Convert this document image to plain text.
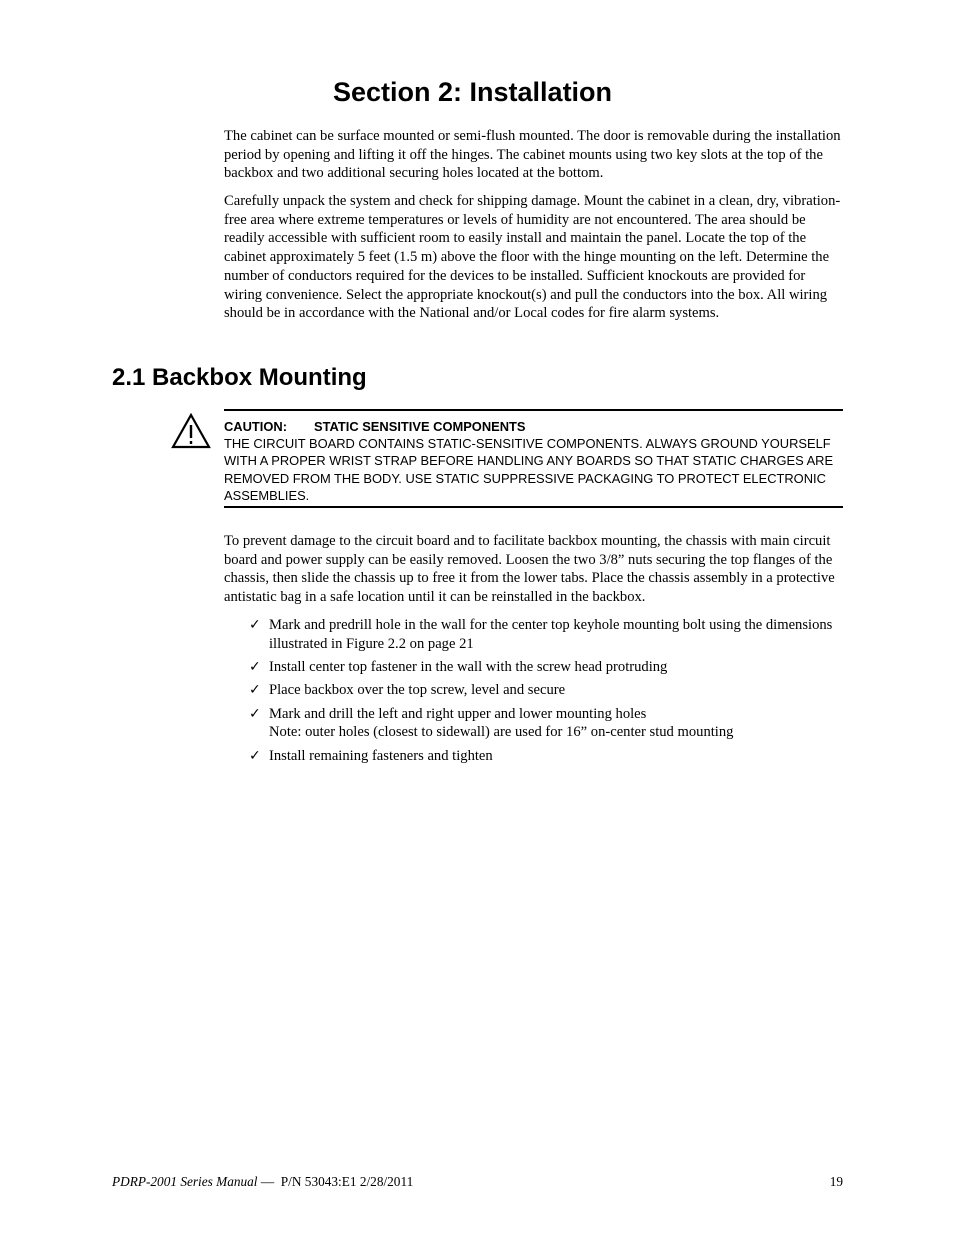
Section 2: Installation

The cabinet can be surface mounted or semi-flush mounted. The door is removable during the installation period by opening and lifting it off the hinges. The cabinet mounts using two key slots at the top of the backbox and two additional securing holes located at the bottom.

Carefully unpack the system and check for shipping damage. Mount the cabinet in a clean, dry, vibration-free area where extreme temperatures or levels of humidity are not encountered. The area should be readily accessible with sufficient room to easily install and maintain the panel. Locate the top of the cabinet approximately 5 feet (1.5 m) above the floor with the hinge mounting on the left. Determine the number of conductors required for the devices to be installed. Sufficient knockouts are provided for wiring convenience. Select the appropriate knockout(s) and pull the conductors into the box. All wiring should be in accordance with the National and/or Local codes for fire alarm systems.

2.1 Backbox Mounting
CAUTION: STATIC SENSITIVE COMPONENTS

THE CIRCUIT BOARD CONTAINS STATIC-SENSITIVE COMPONENTS. ALWAYS GROUND YOURSELF WITH A PROPER WRIST STRAP BEFORE HANDLING ANY BOARDS SO THAT STATIC CHARGES ARE REMOVED FROM THE BODY. USE STATIC SUPPRESSIVE PACKAGING TO PROTECT ELECTRONIC ASSEMBLIES.

To prevent damage to the circuit board and to facilitate backbox mounting, the chassis with main circuit board and power supply can be easily removed. Loosen the two 3/8” nuts securing the top flanges of the chassis, then slide the chassis up to free it from the lower tabs. Place the chassis assembly in a protective antistatic bag in a safe location until it can be reinstalled in the backbox.

✓ Mark and predrill hole in the wall for the center top keyhole mounting bolt using the dimensions illustrated in Figure 2.2 on page 21
✓ Install center top fastener in the wall with the screw head protruding
✓ Place backbox over the top screw, level and secure
✓ Mark and drill the left and right upper and lower mounting holes
Note: outer holes (closest to sidewall) are used for 16” on-center stud mounting
✓ Install remaining fasteners and tighten
PDRP-2001 Series Manual —  P/N 53043:E1 2/28/2011	19
